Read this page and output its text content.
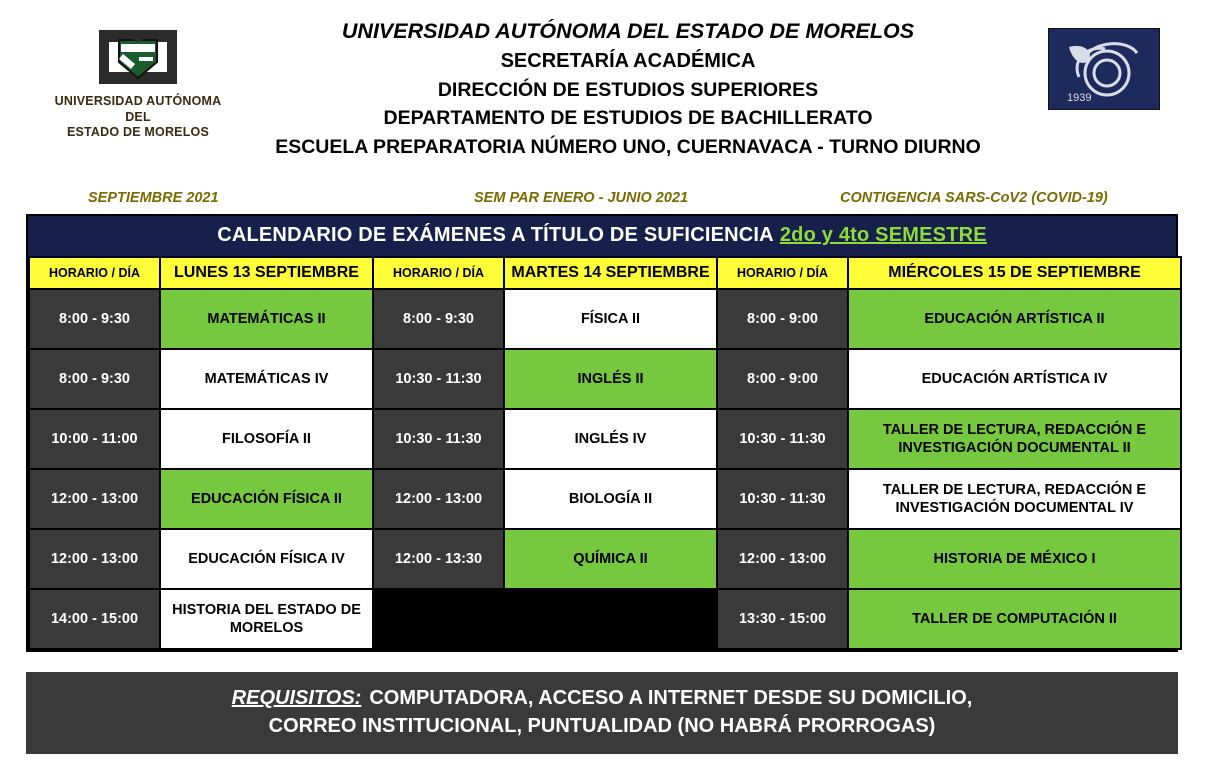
UNIVERSIDAD AUTÓNOMA DEL
ESTADO DE MORELOS
UNIVERSIDAD AUTÓNOMA DEL ESTADO DE MORELOS
SECRETARÍA ACADÉMICA
DIRECCIÓN DE ESTUDIOS SUPERIORES
DEPARTAMENTO DE ESTUDIOS DE BACHILLERATO
ESCUELA PREPARATORIA NÚMERO UNO, CUERNAVACA - TURNO DIURNO
1939
SEPTIEMBRE 2021	SEM PAR ENERO - JUNIO 2021	CONTIGENCIA SARS-CoV2 (COVID-19)
CALENDARIO DE EXÁMENES A TÍTULO DE SUFICIENCIA 2do y 4to SEMESTRE
HORARIO / DÍA	LUNES 13 SEPTIEMBRE	HORARIO / DÍA	MARTES 14 SEPTIEMBRE	HORARIO / DÍA	MIÉRCOLES 15 DE SEPTIEMBRE
8:00 - 9:30	MATEMÁTICAS II	8:00 - 9:30	FÍSICA II	8:00 - 9:00	EDUCACIÓN ARTÍSTICA II
8:00 - 9:30	MATEMÁTICAS IV	10:30 - 11:30	INGLÉS II	8:00 - 9:00	EDUCACIÓN ARTÍSTICA IV
10:00 - 11:00	FILOSOFÍA II	10:30 - 11:30	INGLÉS IV	10:30 - 11:30	TALLER DE LECTURA, REDACCIÓN E INVESTIGACIÓN DOCUMENTAL II
12:00 - 13:00	EDUCACIÓN FÍSICA II	12:00 - 13:00	BIOLOGÍA II	10:30 - 11:30	TALLER DE LECTURA, REDACCIÓN E INVESTIGACIÓN DOCUMENTAL IV
12:00 - 13:00	EDUCACIÓN FÍSICA IV	12:00 - 13:30	QUÍMICA II	12:00 - 13:00	HISTORIA DE MÉXICO I
14:00 - 15:00	HISTORIA DEL ESTADO DE MORELOS			13:30 - 15:00	TALLER DE COMPUTACIÓN II
REQUISITOS: COMPUTADORA, ACCESO A INTERNET DESDE SU DOMICILIO,
CORREO INSTITUCIONAL, PUNTUALIDAD (NO HABRÁ PRORROGAS)
